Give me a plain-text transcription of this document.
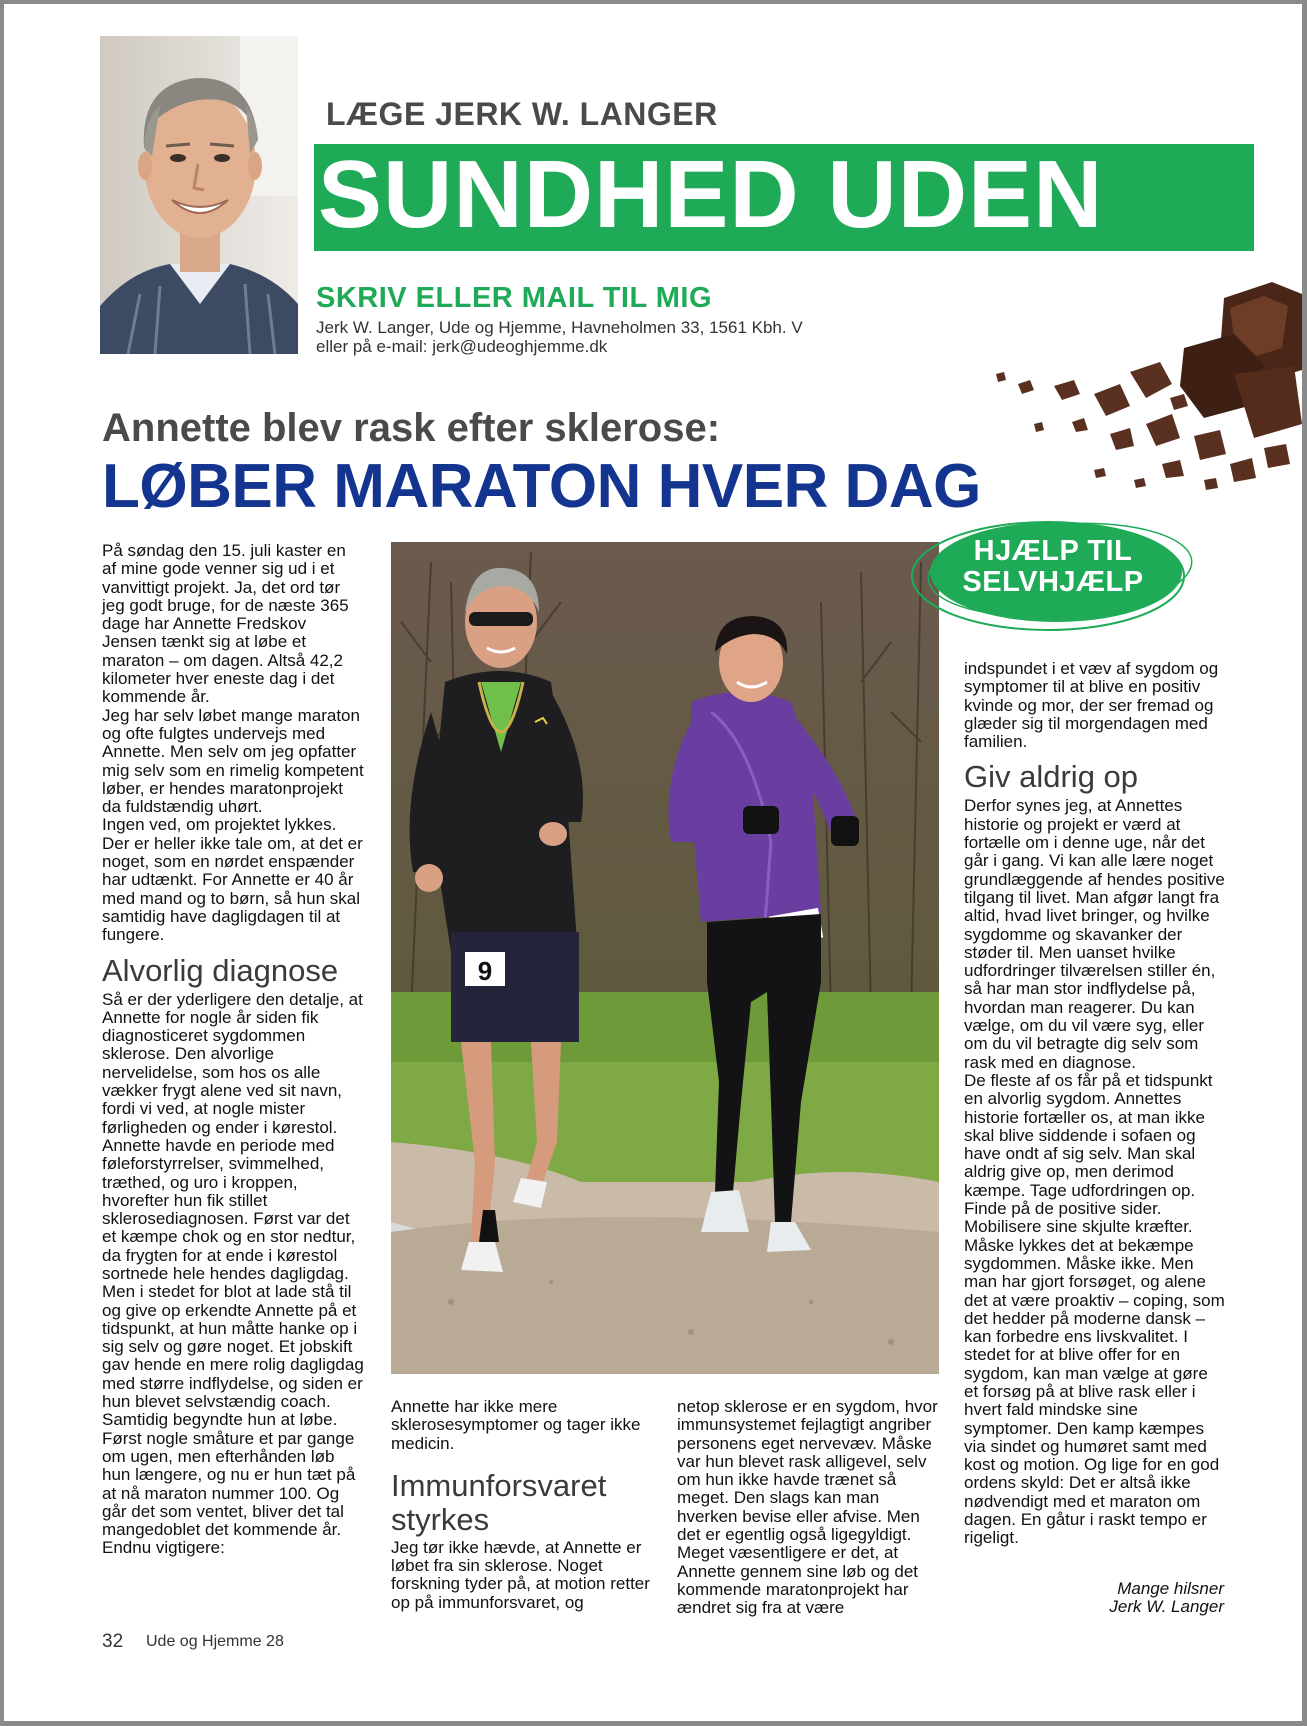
LÆGE JERK W. LANGER
SUNDHED UDEN
SKRIV ELLER MAIL TIL MIG
Jerk W. Langer, Ude og Hjemme, Havneholmen 33, 1561 Kbh. V
eller på e-mail: jerk@udeoghjemme.dk
Annette blev rask efter sklerose:
LØBER MARATON HVER DAG

På søndag den 15. juli kaster en af mine gode venner sig ud i et vanvittigt projekt. Ja, det ord tør jeg godt bruge, for de næste 365 dage har Annette Fredskov Jensen tænkt sig at løbe et maraton – om dagen. Altså 42,2 kilometer hver eneste dag i det kommende år.

Jeg har selv løbet mange maraton og ofte fulgtes undervejs med Annette. Men selv om jeg opfatter mig selv som en rimelig kompetent løber, er hendes maratonprojekt da fuldstændig uhørt.

Ingen ved, om projektet lykkes. Der er heller ikke tale om, at det er noget, som en nørdet enspænder har udtænkt. For Annette er 40 år med mand og to børn, så hun skal samtidig have dagligdagen til at fungere.

Alvorlig diagnose

Så er der yderligere den detalje, at Annette for nogle år siden fik diagnosticeret sygdommen sklerose. Den alvorlige nervelidelse, som hos os alle vækker frygt alene ved sit navn, fordi vi ved, at nogle mister førligheden og ender i kørestol.

Annette havde en periode med føleforstyrrelser, svimmelhed, træthed, og uro i kroppen, hvorefter hun fik stillet sklerosediagnosen. Først var det et kæmpe chok og en stor nedtur, da frygten for at ende i kørestol sortnede hele hendes dagligdag. Men i stedet for blot at lade stå til og give op erkendte Annette på et tidspunkt, at hun måtte hanke op i sig selv og gøre noget. Et jobskift gav hende en mere rolig dagligdag med større indflydelse, og siden er hun blevet selvstændig coach. Samtidig begyndte hun at løbe. Først nogle småture et par gange om ugen, men efterhånden løb hun længere, og nu er hun tæt på at nå maraton nummer 100. Og går det som ventet, bliver det tal mangedoblet det kommende år. Endnu vigtigere:

9
HJÆLP TIL SELVHJÆLP

Annette har ikke mere sklerosesymptomer og tager ikke medicin.

Immunforsvaret styrkes

Jeg tør ikke hævde, at Annette er løbet fra sin sklerose. Noget forskning tyder på, at motion retter op på immunforsvaret, og

netop sklerose er en sygdom, hvor immunsystemet fejlagtigt angriber personens eget nervevæv. Måske var hun blevet rask alligevel, selv om hun ikke havde trænet så meget. Den slags kan man hverken bevise eller afvise. Men det er egentlig også ligegyldigt. Meget væsentligere er det, at Annette gennem sine løb og det kommende maratonprojekt har ændret sig fra at være

indspundet i et væv af sygdom og symptomer til at blive en positiv kvinde og mor, der ser fremad og glæder sig til morgendagen med familien.

Giv aldrig op

Derfor synes jeg, at Annettes historie og projekt er værd at fortælle om i denne uge, når det går i gang. Vi kan alle lære noget grundlæggende af hendes positive tilgang til livet. Man afgør langt fra altid, hvad livet bringer, og hvilke sygdomme og skavanker der støder til. Men uanset hvilke udfordringer tilværelsen stiller én, så har man stor indflydelse på, hvordan man reagerer. Du kan vælge, om du vil være syg, eller om du vil betragte dig selv som rask med en diagnose.

De fleste af os får på et tidspunkt en alvorlig sygdom. Annettes historie fortæller os, at man ikke skal blive siddende i sofaen og have ondt af sig selv. Man skal aldrig give op, men derimod kæmpe. Tage udfordringen op. Finde på de positive sider. Mobilisere sine skjulte kræfter.

Måske lykkes det at bekæmpe sygdommen. Måske ikke. Men man har gjort forsøget, og alene det at være proaktiv – coping, som det hedder på moderne dansk – kan forbedre ens livskvalitet. I stedet for at blive offer for en sygdom, kan man vælge at gøre et forsøg på at blive rask eller i hvert fald mindske sine symptomer. Den kamp kæmpes via sindet og humøret samt med kost og motion. Og lige for en god ordens skyld: Det er altså ikke nødvendigt med et maraton om dagen. En gåtur i raskt tempo er rigeligt.

Mange hilsner
Jerk W. Langer
32 Ude og Hjemme 28
